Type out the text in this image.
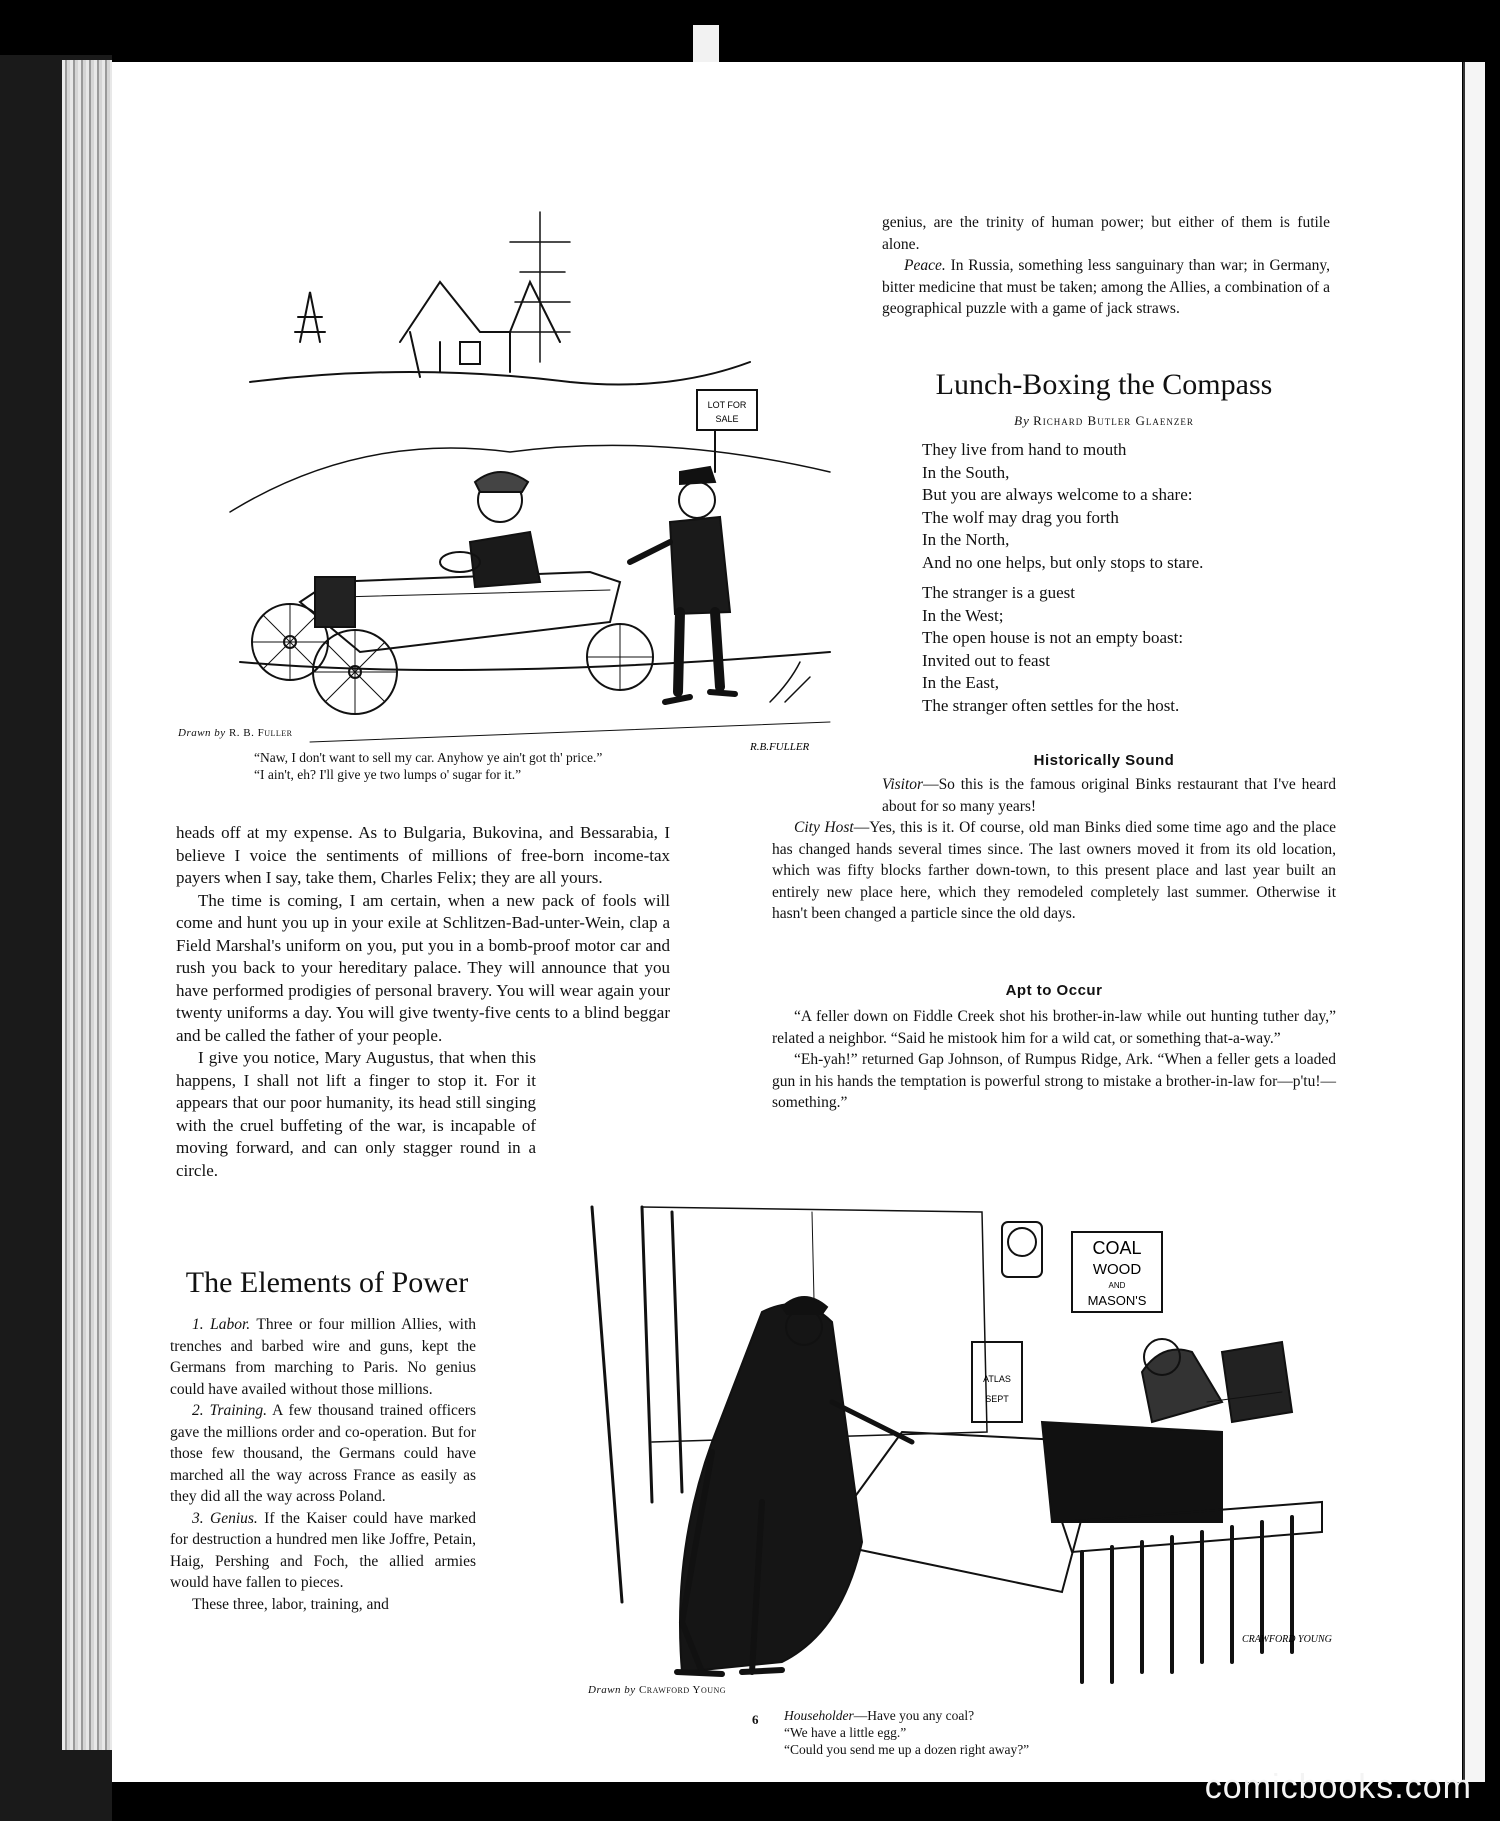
LOT FOR
SALE
R.B.FULLER
Drawn by R. B. Fuller
“Naw, I don't want to sell my car. Anyhow ye ain't got th' price.”
“I ain't, eh? I'll give ye two lumps o' sugar for it.”

heads off at my expense. As to Bulgaria, Bukovina, and Bessarabia, I believe I voice the sentiments of millions of free-born income-tax payers when I say, take them, Charles Felix; they are all yours.

The time is coming, I am certain, when a new pack of fools will come and hunt you up in your exile at Schlitzen-Bad-unter-Wein, clap a Field Marshal's uniform on you, put you in a bomb-proof motor car and rush you back to your hereditary palace. They will announce that you have performed prodigies of personal bravery. You will wear again your twenty uniforms a day. You will give twenty-five cents to a blind beggar and be called the father of your people.

I give you notice, Mary Augustus, that when this happens, I shall not lift a finger to stop it. For it appears that our poor humanity, its head still singing with the cruel buffeting of the war, is incapable of moving forward, and can only stagger round in a circle.

The Elements of Power

1. Labor. Three or four million Allies, with trenches and barbed wire and guns, kept the Germans from marching to Paris. No genius could have availed without those millions.

2. Training. A few thousand trained officers gave the millions order and co-operation. But for those few thousand, the Germans could have marched all the way across France as easily as they did all the way across Poland.

3. Genius. If the Kaiser could have marked for destruction a hundred men like Joffre, Petain, Haig, Pershing and Foch, the allied armies would have fallen to pieces.

These three, labor, training, and

genius, are the trinity of human power; but either of them is futile alone.

Peace. In Russia, something less sanguinary than war; in Germany, bitter medicine that must be taken; among the Allies, a combination of a geographical puzzle with a game of jack straws.

Lunch-Boxing the Compass
By Richard Butler Glaenzer
They live from hand to mouth
In the South,
But you are always welcome to a share:
The wolf may drag you forth
In the North,
And no one helps, but only stops to stare.
The stranger is a guest
In the West;
The open house is not an empty boast:
Invited out to feast
In the East,
The stranger often settles for the host.
Historically Sound

Visitor—So this is the famous original Binks restaurant that I've heard about for so many years!

City Host—Yes, this is it. Of course, old man Binks died some time ago and the place has changed hands several times since. The last owners moved it from its old location, which was fifty blocks farther down-town, to this present place and last year built an entirely new place here, which they remodeled completely last summer. Otherwise it hasn't been changed a particle since the old days.

Apt to Occur

“A feller down on Fiddle Creek shot his brother-in-law while out hunting tuther day,” related a neighbor. “Said he mistook him for a wild cat, or something that-a-way.”

“Eh-yah!” returned Gap Johnson, of Rumpus Ridge, Ark. “When a feller gets a loaded gun in his hands the temptation is powerful strong to mistake a brother-in-law for—p'tu!—something.”

COAL
WOOD
AND
MASON'S
ATLAS
SEPT
CRAWFORD YOUNG
Drawn by Crawford Young
Householder—Have you any coal?
“We have a little egg.”
“Could you send me up a dozen right away?”
6
comicbooks.com
